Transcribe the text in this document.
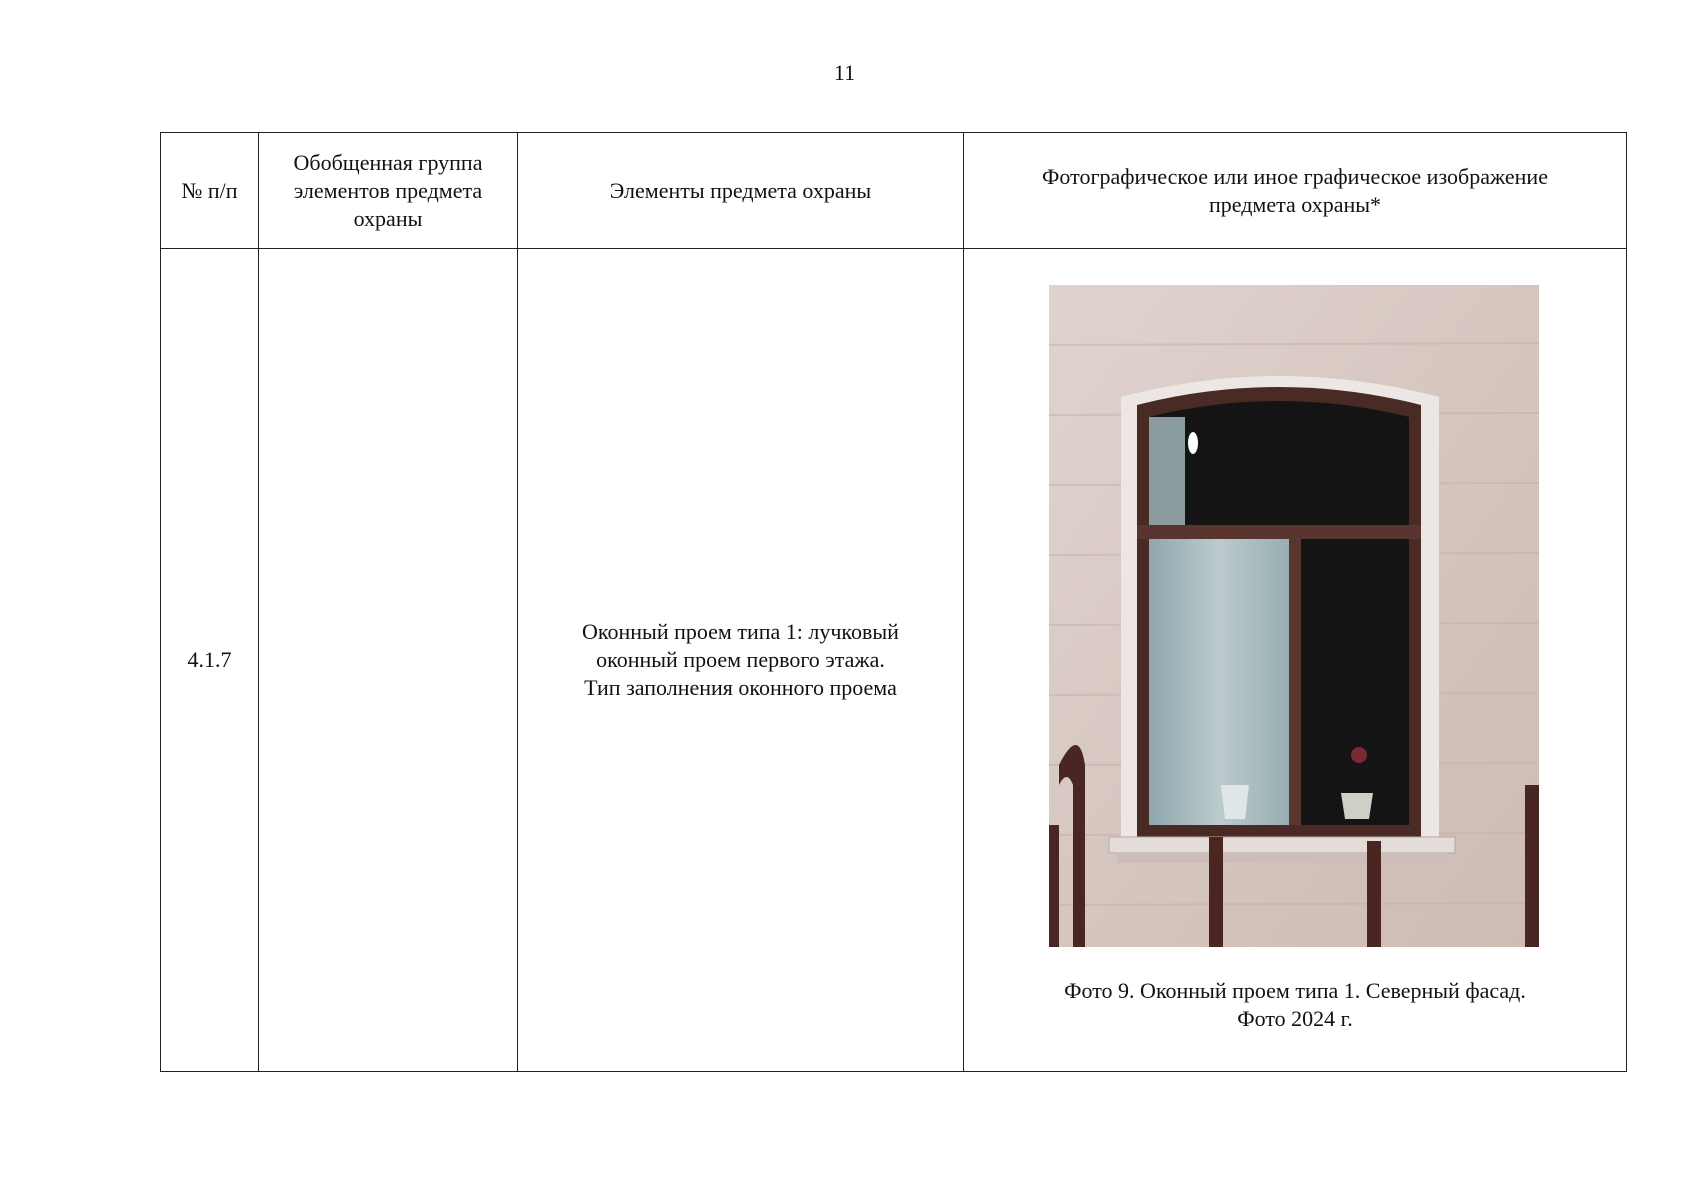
11
№ п/п	Обобщенная группа
элементов предмета
охраны	Элементы предмета охраны	Фотографическое или иное графическое изображение
предмета охраны*

4.1.7		Оконный проем типа 1: лучковый
оконный проем первого этажа.
Тип заполнения оконного проема	Фото 9. Оконный проем типа 1. Северный фасад.
Фото 2024 г.
